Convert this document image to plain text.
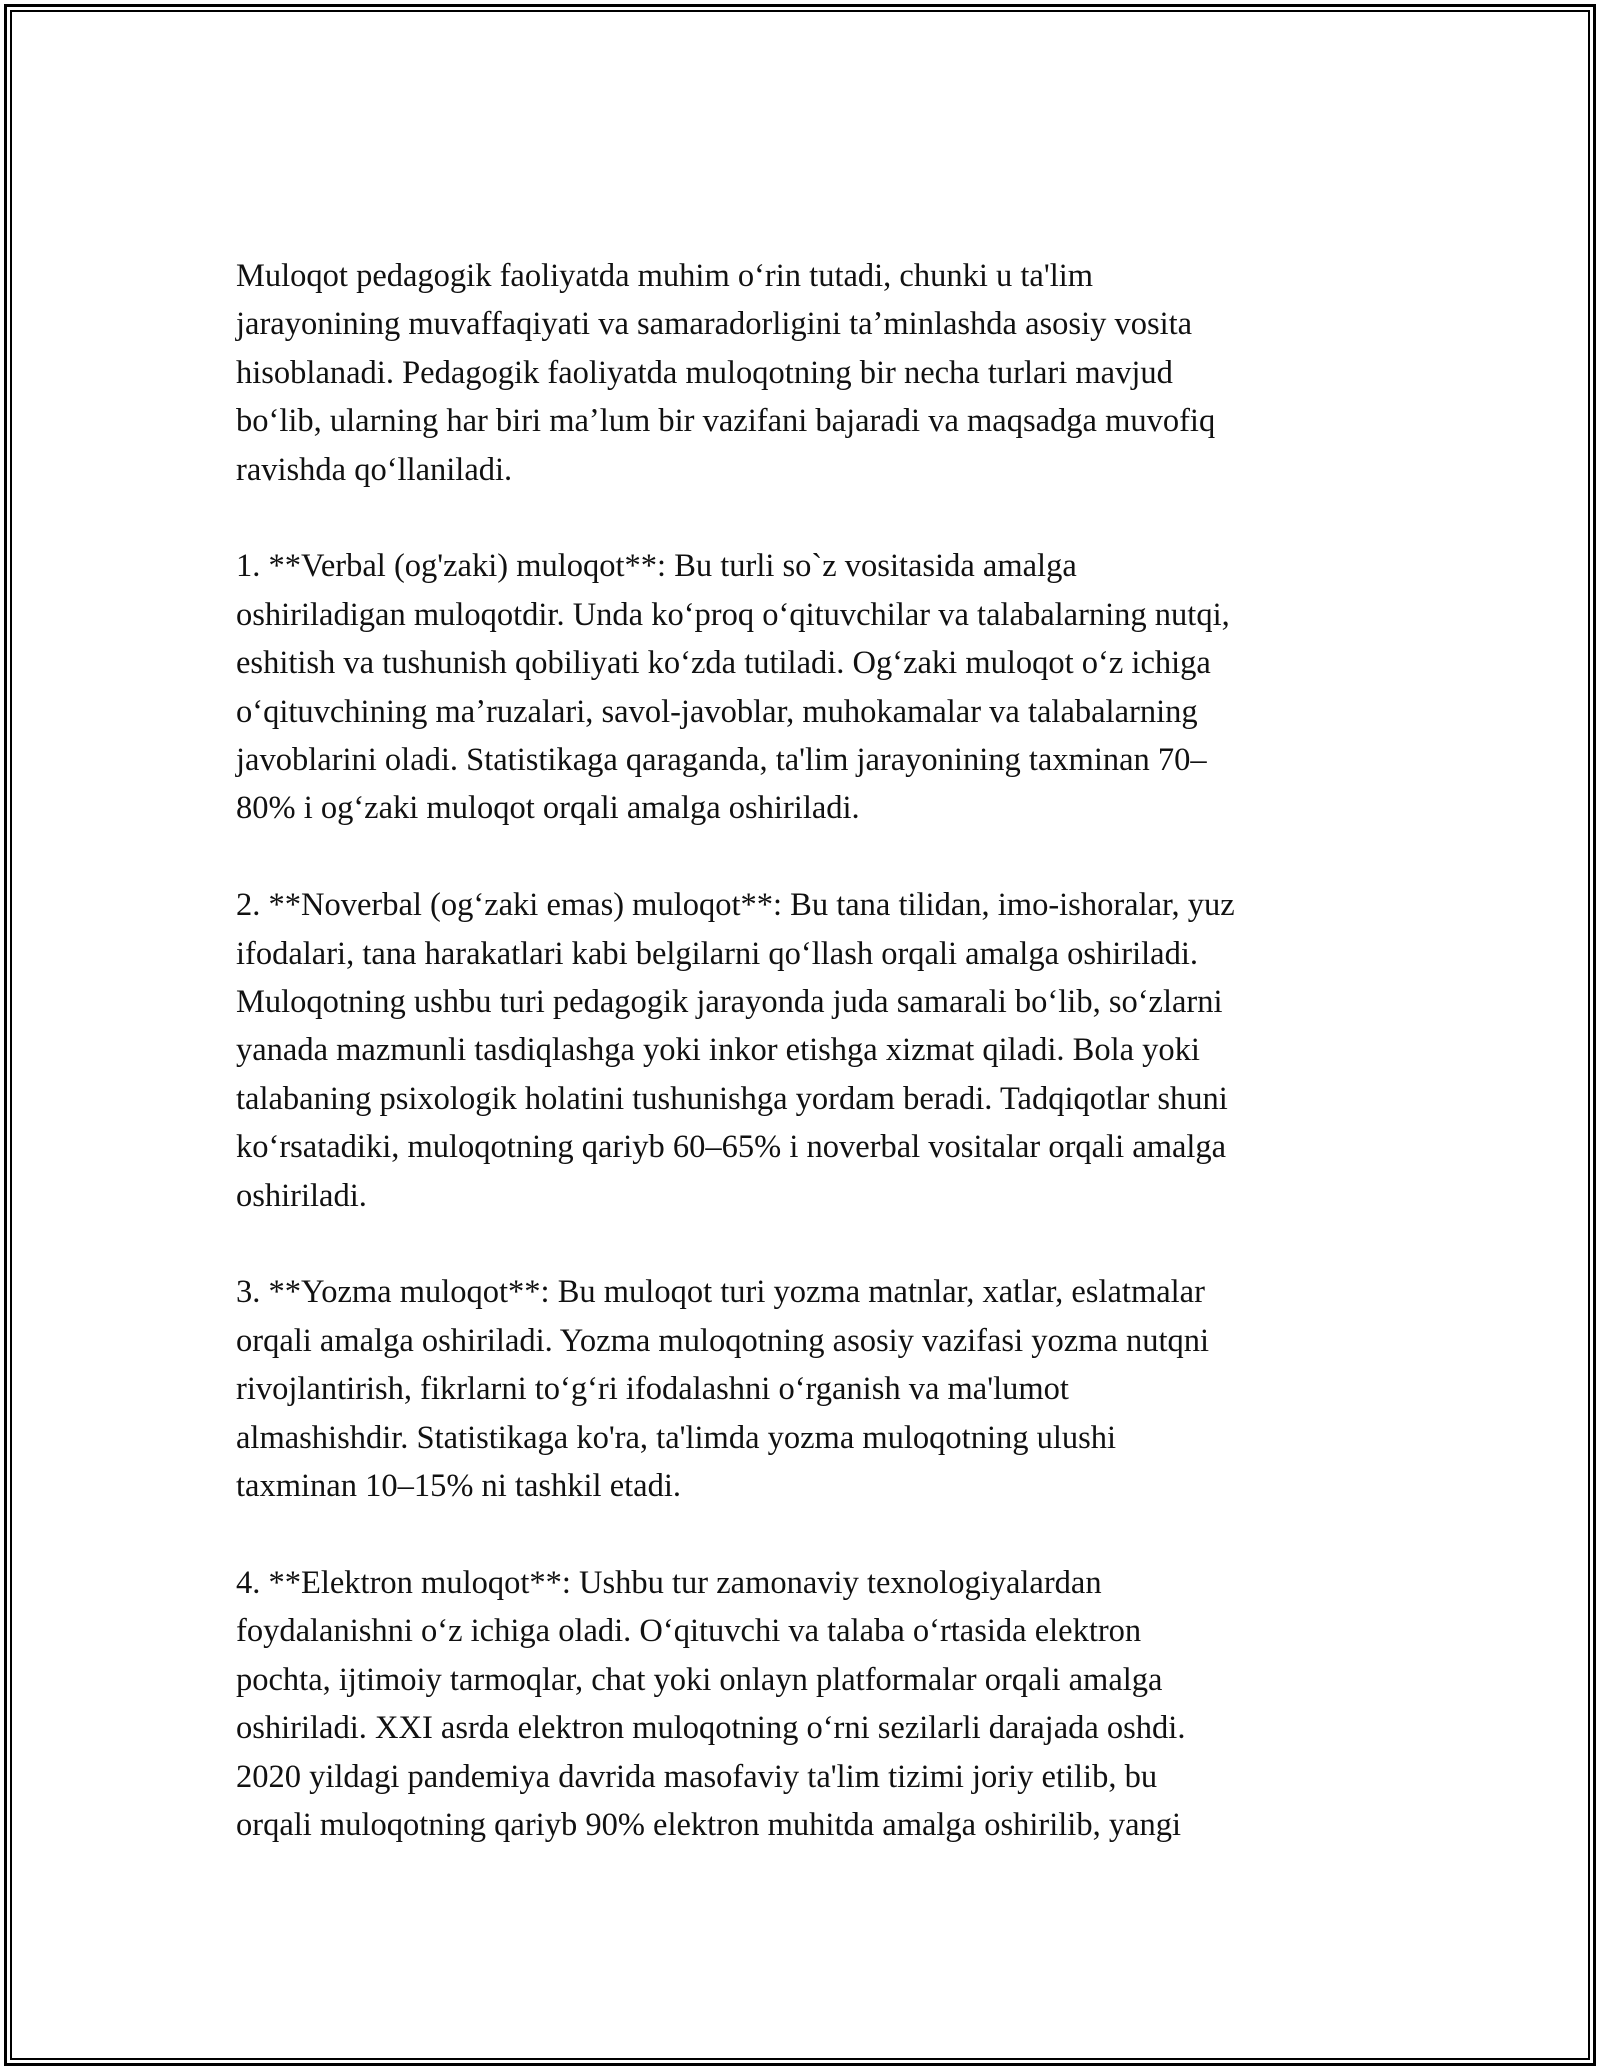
Muloqot pedagogik faoliyatda muhim oʻrin tutadi, chunki u ta'lim
jarayonining muvaffaqiyati va samaradorligini taʼminlashda asosiy vosita
hisoblanadi. Pedagogik faoliyatda muloqotning bir necha turlari mavjud
boʻlib, ularning har biri maʼlum bir vazifani bajaradi va maqsadga muvofiq
ravishda qoʻllaniladi.

1. **Verbal (og'zaki) muloqot**: Bu turli so`z vositasida amalga
oshiriladigan muloqotdir. Unda koʻproq oʻqituvchilar va talabalarning nutqi,
eshitish va tushunish qobiliyati koʻzda tutiladi. Ogʻzaki muloqot oʻz ichiga
oʻqituvchining maʼruzalari, savol-javoblar, muhokamalar va talabalarning
javoblarini oladi. Statistikaga qaraganda, ta'lim jarayonining taxminan 70–
80% i ogʻzaki muloqot orqali amalga oshiriladi.

2. **Noverbal (ogʻzaki emas) muloqot**: Bu tana tilidan, imo-ishoralar, yuz
ifodalari, tana harakatlari kabi belgilarni qoʻllash orqali amalga oshiriladi.
Muloqotning ushbu turi pedagogik jarayonda juda samarali boʻlib, soʻzlarni
yanada mazmunli tasdiqlashga yoki inkor etishga xizmat qiladi. Bola yoki
talabaning psixologik holatini tushunishga yordam beradi. Tadqiqotlar shuni
koʻrsatadiki, muloqotning qariyb 60–65% i noverbal vositalar orqali amalga
oshiriladi.

3. **Yozma muloqot**: Bu muloqot turi yozma matnlar, xatlar, eslatmalar
orqali amalga oshiriladi. Yozma muloqotning asosiy vazifasi yozma nutqni
rivojlantirish, fikrlarni toʻgʻri ifodalashni oʻrganish va ma'lumot
almashishdir. Statistikaga ko'ra, ta'limda yozma muloqotning ulushi
taxminan 10–15% ni tashkil etadi.

4. **Elektron muloqot**: Ushbu tur zamonaviy texnologiyalardan
foydalanishni oʻz ichiga oladi. Oʻqituvchi va talaba oʻrtasida elektron
pochta, ijtimoiy tarmoqlar, chat yoki onlayn platformalar orqali amalga
oshiriladi. XXI asrda elektron muloqotning oʻrni sezilarli darajada oshdi.
2020 yildagi pandemiya davrida masofaviy ta'lim tizimi joriy etilib, bu
orqali muloqotning qariyb 90% elektron muhitda amalga oshirilib, yangi
